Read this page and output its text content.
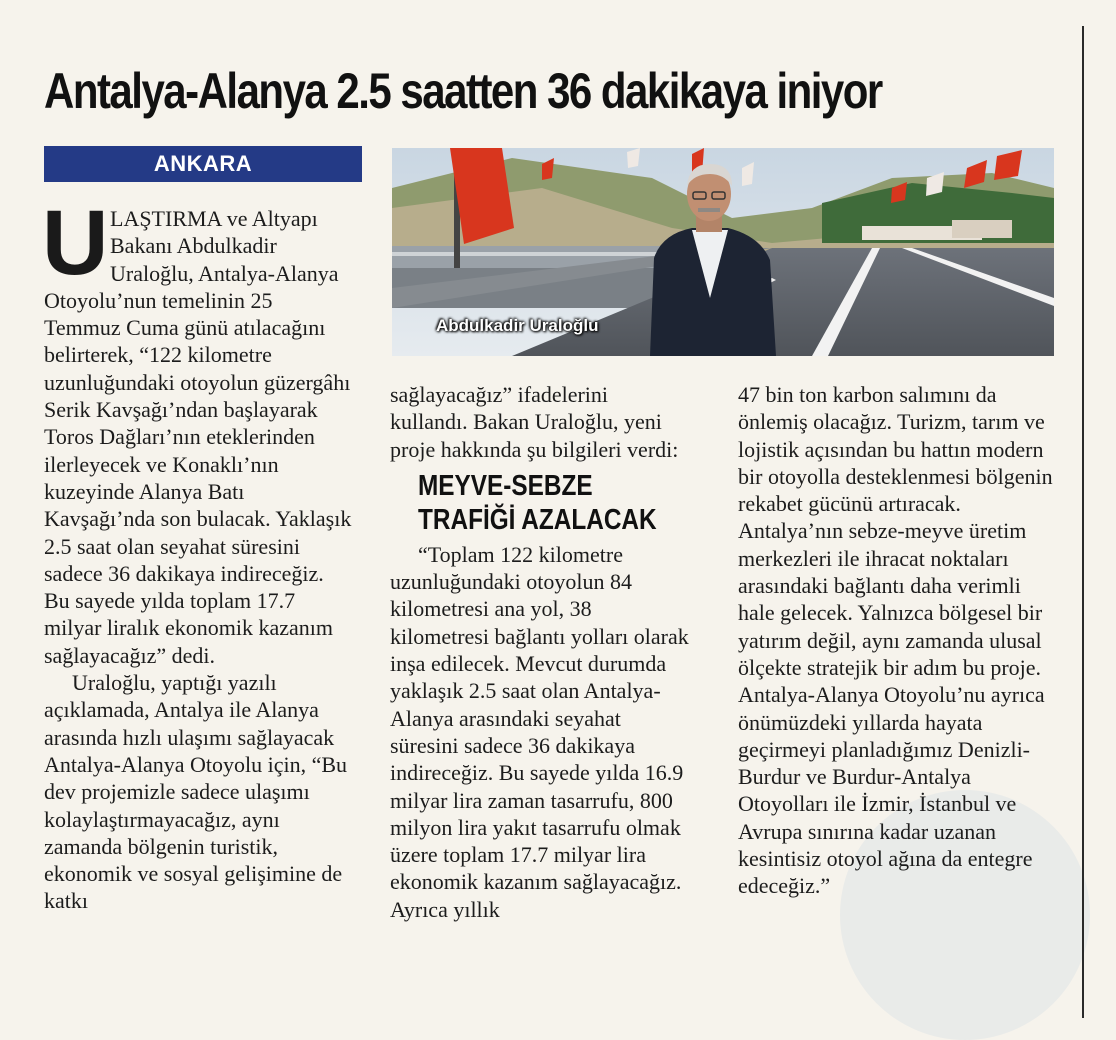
Antalya-Alanya 2.5 saatten 36 dakikaya iniyor
ANKARA
Abdulkadir Uraloğlu

ULAŞTIRMA ve Altyapı Bakanı Abdulkadir Uraloğlu, Antalya-Alanya Otoyolu’nun temelinin 25 Temmuz Cuma günü atılacağını belirterek, “122 kilometre uzunluğundaki otoyolun güzergâhı Serik Kavşağı’ndan başlayarak Toros Dağları’nın eteklerinden ilerleyecek ve Konaklı’nın kuzeyinde Alanya Batı Kavşağı’nda son bulacak. Yaklaşık 2.5 saat olan seyahat süresini sadece 36 dakikaya indireceğiz. Bu sayede yılda toplam 17.7 milyar liralık ekonomik kazanım sağlayacağız” dedi.

Uraloğlu, yaptığı yazılı açıklamada, Antalya ile Alanya arasında hızlı ulaşımı sağlayacak Antalya-Alanya Otoyolu için, “Bu dev projemizle sadece ulaşımı kolaylaştırmayacağız, aynı zamanda bölgenin turistik, ekonomik ve sosyal gelişimine de katkı

sağlayacağız” ifadelerini kullandı. Bakan Uraloğlu, yeni proje hakkında şu bilgileri verdi:

MEYVE-SEBZE
TRAFİĞİ AZALACAK

“Toplam 122 kilometre uzunluğundaki otoyolun 84 kilometresi ana yol, 38 kilometresi bağlantı yolları olarak inşa edilecek. Mevcut durumda yaklaşık 2.5 saat olan Antalya-Alanya arasındaki seyahat süresini sadece 36 dakikaya indireceğiz. Bu sayede yılda 16.9 milyar lira zaman tasarrufu, 800 milyon lira yakıt tasarrufu olmak üzere toplam 17.7 milyar lira ekonomik kazanım sağlayacağız. Ayrıca yıllık

47 bin ton karbon salımını da önlemiş olacağız. Turizm, tarım ve lojistik açısından bu hattın modern bir otoyolla desteklenmesi bölgenin rekabet gücünü artıracak. Antalya’nın sebze-meyve üretim merkezleri ile ihracat noktaları arasındaki bağlantı daha verimli hale gelecek. Yalnızca bölgesel bir yatırım değil, aynı zamanda ulusal ölçekte stratejik bir adım bu proje. Antalya-Alanya Otoyolu’nu ayrıca önümüzdeki yıllarda hayata geçirmeyi planladığımız Denizli-Burdur ve Burdur-Antalya Otoyolları ile İzmir, İstanbul ve Avrupa sınırına kadar uzanan kesintisiz otoyol ağına da entegre edeceğiz.”
